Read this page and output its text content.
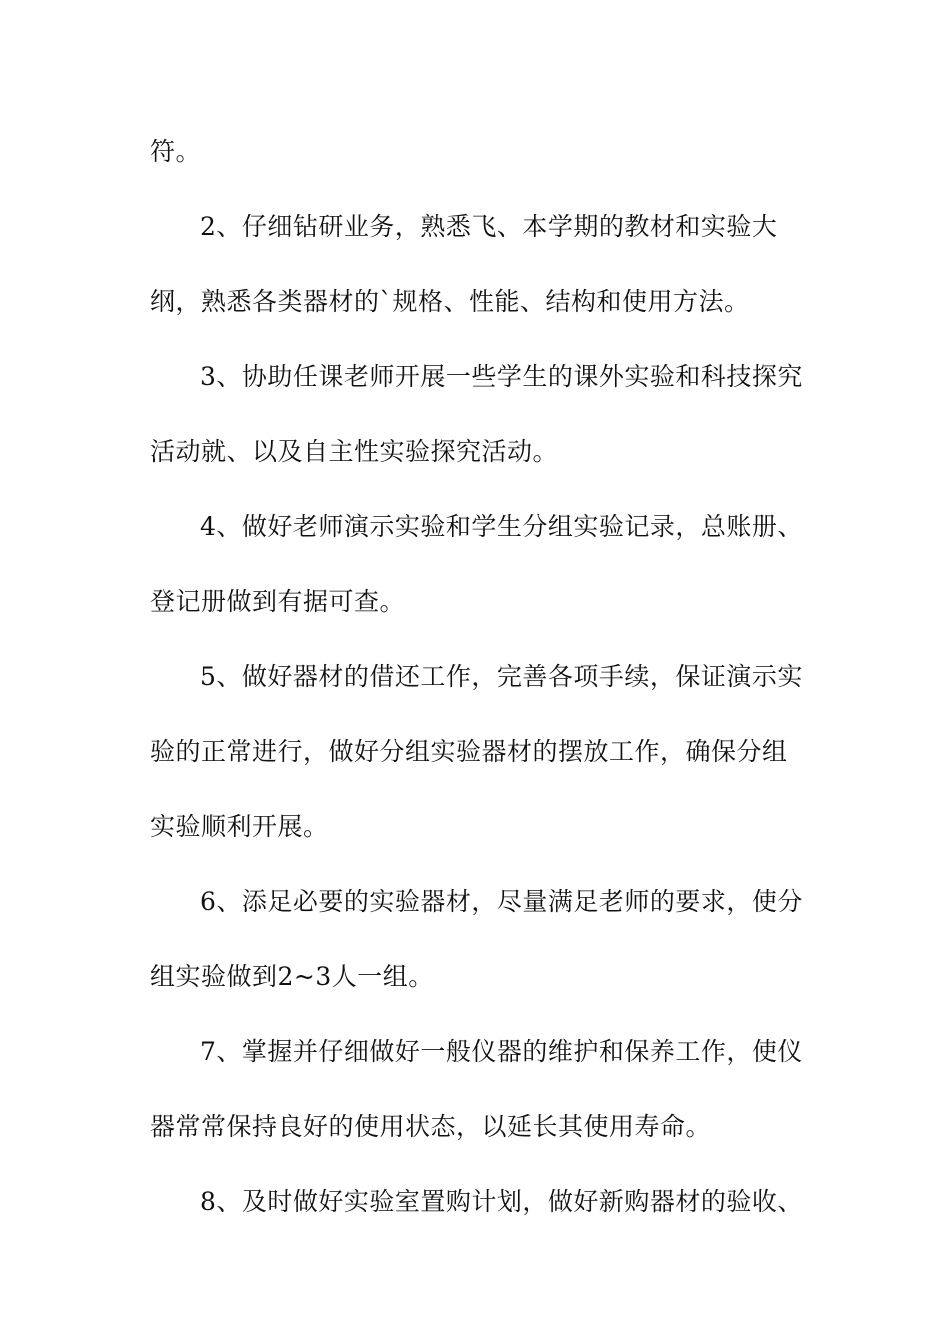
符。
2、仔细钻研业务，熟悉飞、本学期的教材和实验大
纲，熟悉各类器材的`规格、性能、结构和使用方法。
3、协助任课老师开展一些学生的课外实验和科技探究
活动就、以及自主性实验探究活动。
4、做好老师演示实验和学生分组实验记录，总账册、
登记册做到有据可查。
5、做好器材的借还工作，完善各项手续，保证演示实
验的正常进行，做好分组实验器材的摆放工作，确保分组
实验顺利开展。
6、添足必要的实验器材，尽量满足老师的要求，使分
组实验做到2~3人一组。
7、掌握并仔细做好一般仪器的维护和保养工作，使仪
器常常保持良好的使用状态，以延长其使用寿命。
8、及时做好实验室置购计划，做好新购器材的验收、
